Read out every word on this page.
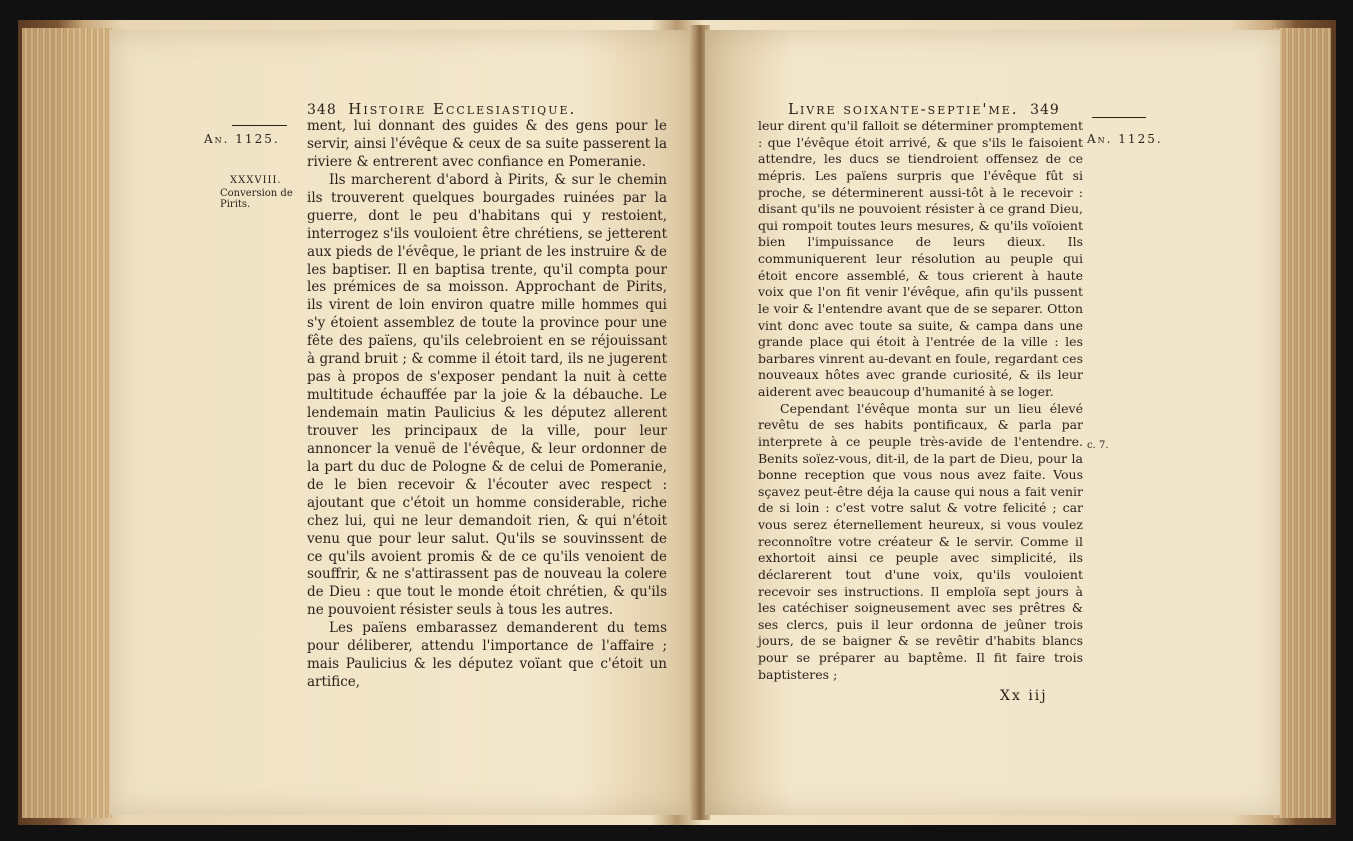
348 Histoire Ecclesiastique.
An. 1125.
XXXVIII.
Conversion de Pirits.

ment, lui donnant des guides & des gens pour le servir, ainsi l'évêque & ceux de sa suite passerent la riviere & entrerent avec confiance en Pomeranie.

Ils marcherent d'abord à Pirits, & sur le chemin ils trouverent quelques bourgades ruinées par la guerre, dont le peu d'habitans qui y restoient, interrogez s'ils vouloient être chrétiens, se jetterent aux pieds de l'évêque, le priant de les instruire & de les baptiser. Il en baptisa trente, qu'il compta pour les prémices de sa moisson. Approchant de Pirits, ils virent de loin environ quatre mille hommes qui s'y étoient assemblez de toute la province pour une fête des païens, qu'ils celebroient en se réjouissant à grand bruit ; & comme il étoit tard, ils ne jugerent pas à propos de s'exposer pendant la nuit à cette multitude échauffée par la joie & la débauche. Le lendemain matin Paulicius & les députez allerent trouver les principaux de la ville, pour leur annoncer la venuë de l'évêque, & leur ordonner de la part du duc de Pologne & de celui de Pomeranie, de le bien recevoir & l'écouter avec respect : ajoutant que c'étoit un homme considerable, riche chez lui, qui ne leur demandoit rien, & qui n'étoit venu que pour leur salut. Qu'ils se souvinssent de ce qu'ils avoient promis & de ce qu'ils venoient de souffrir, & ne s'attirassent pas de nouveau la colere de Dieu : que tout le monde étoit chrétien, & qu'ils ne pouvoient résister seuls à tous les autres.

Les païens embarassez demanderent du tems pour déliberer, attendu l'importance de l'affaire ; mais Paulicius & les députez voïant que c'étoit un artifice,

Livre soixante-septie'me. 349
An. 1125.
c. 7.

leur dirent qu'il falloit se déterminer promptement : que l'évêque étoit arrivé, & que s'ils le faisoient attendre, les ducs se tiendroient offensez de ce mépris. Les païens surpris que l'évêque fût si proche, se déterminerent aussi-tôt à le recevoir : disant qu'ils ne pouvoient résister à ce grand Dieu, qui rompoit toutes leurs mesures, & qu'ils voïoient bien l'impuissance de leurs dieux. Ils communiquerent leur résolution au peuple qui étoit encore assemblé, & tous crierent à haute voix que l'on fit venir l'évêque, afin qu'ils pussent le voir & l'entendre avant que de se separer. Otton vint donc avec toute sa suite, & campa dans une grande place qui étoit à l'entrée de la ville : les barbares vinrent au-devant en foule, regardant ces nouveaux hôtes avec grande curiosité, & ils leur aiderent avec beaucoup d'humanité à se loger.

Cependant l'évêque monta sur un lieu élevé revêtu de ses habits pontificaux, & parla par interprete à ce peuple très-avide de l'entendre. Benits soïez-vous, dit-il, de la part de Dieu, pour la bonne reception que vous nous avez faite. Vous sçavez peut-être déja la cause qui nous a fait venir de si loin : c'est votre salut & votre felicité ; car vous serez éternellement heureux, si vous voulez reconnoître votre créateur & le servir. Comme il exhortoit ainsi ce peuple avec simplicité, ils déclarerent tout d'une voix, qu'ils vouloient recevoir ses instructions. Il emploïa sept jours à les catéchiser soigneusement avec ses prêtres & ses clercs, puis il leur ordonna de jeûner trois jours, de se baigner & se revêtir d'habits blancs pour se préparer au baptême. Il fit faire trois baptisteres ;

Xx iij
